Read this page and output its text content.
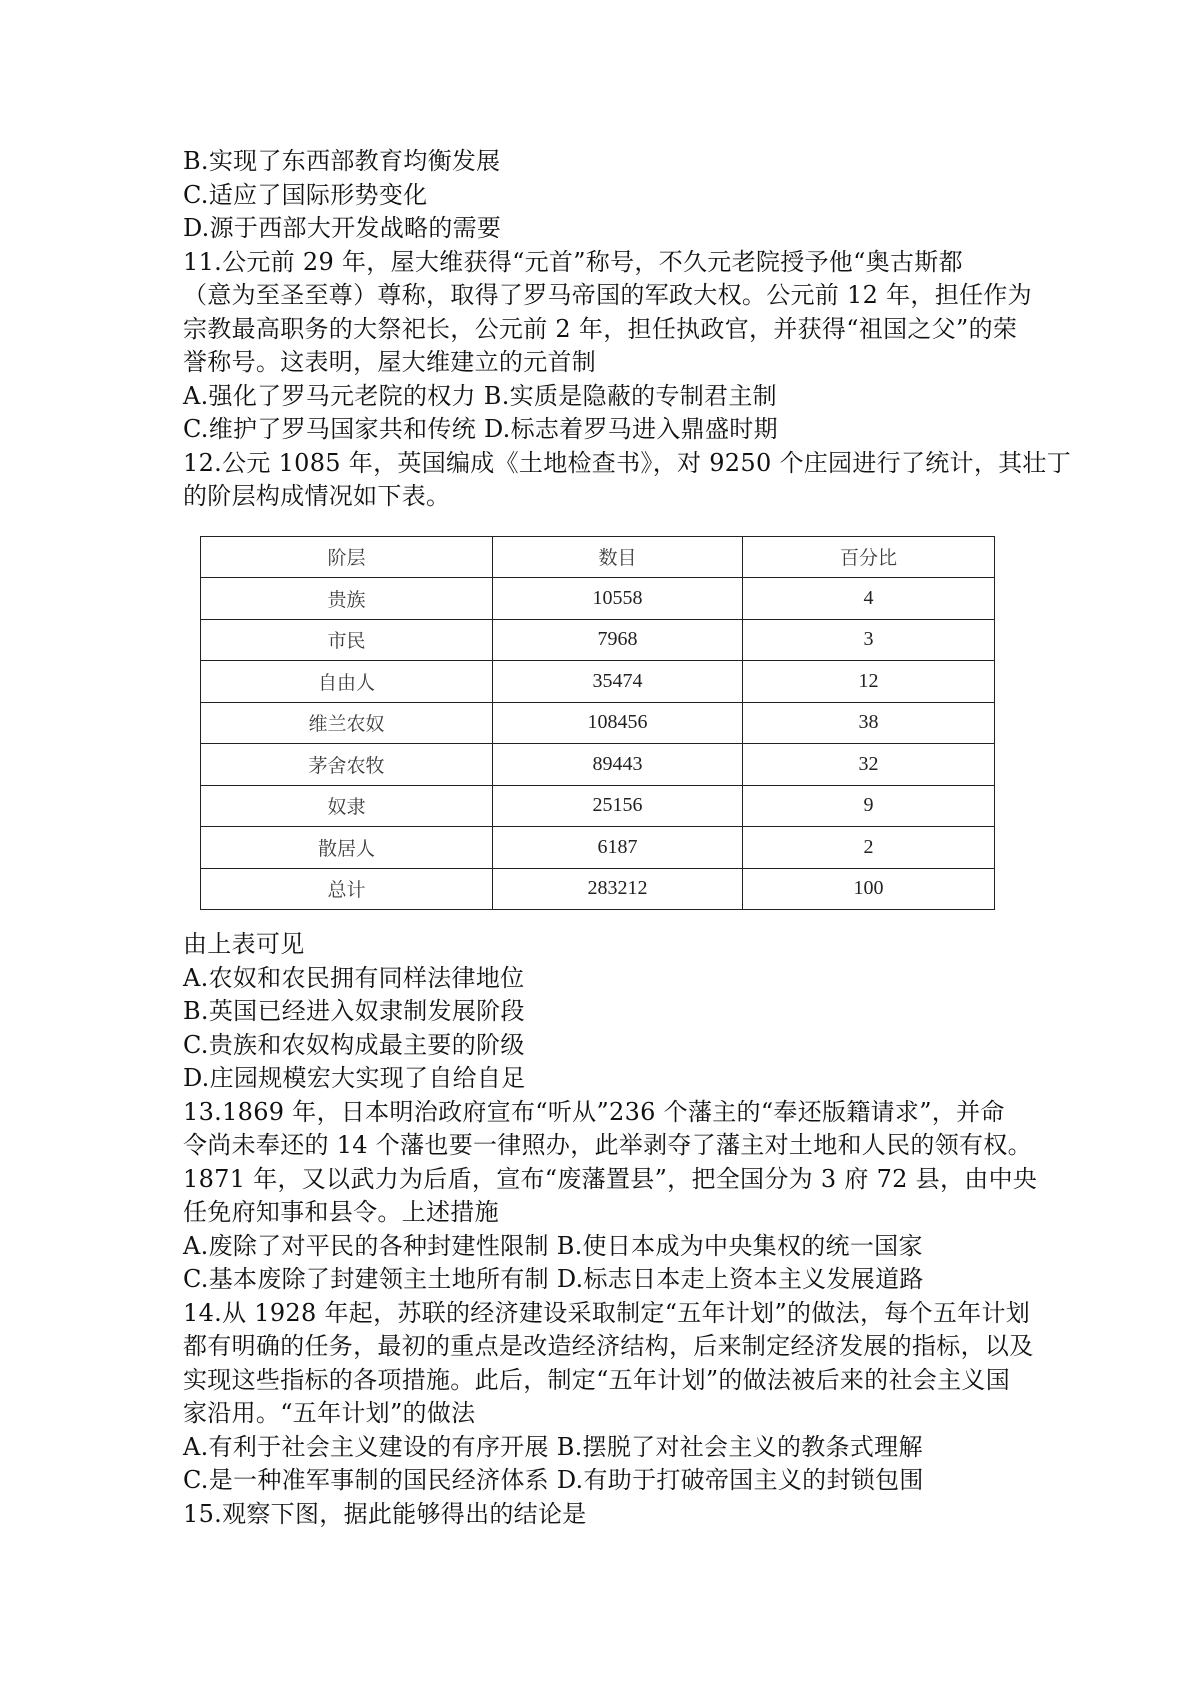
B.实现了东西部教育均衡发展
C.适应了国际形势变化
D.源于西部大开发战略的需要
11.公元前 29 年，屋大维获得“元首”称号，不久元老院授予他“奥古斯都
（意为至圣至尊）尊称，取得了罗马帝国的军政大权。公元前 12 年，担任作为
宗教最高职务的大祭祀长，公元前 2 年，担任执政官，并获得“祖国之父”的荣
誉称号。这表明，屋大维建立的元首制
A.强化了罗马元老院的权力 B.实质是隐蔽的专制君主制
C.维护了罗马国家共和传统 D.标志着罗马进入鼎盛时期
12.公元 1085 年，英国编成《土地检查书》，对 9250 个庄园进行了统计，其壮丁
的阶层构成情况如下表。
阶层	数目	百分比
贵族	10558	4
市民	7968	3
自由人	35474	12
维兰农奴	108456	38
茅舍农牧	89443	32
奴隶	25156	9
散居人	6187	2
总计	283212	100
由上表可见
A.农奴和农民拥有同样法律地位
B.英国已经进入奴隶制发展阶段
C.贵族和农奴构成最主要的阶级
D.庄园规模宏大实现了自给自足
13.1869 年，日本明治政府宣布“听从”236 个藩主的“奉还版籍请求”，并命
令尚未奉还的 14 个藩也要一律照办，此举剥夺了藩主对土地和人民的领有权。
1871 年，又以武力为后盾，宣布“废藩置县”，把全国分为 3 府 72 县，由中央
任免府知事和县令。上述措施
A.废除了对平民的各种封建性限制 B.使日本成为中央集权的统一国家
C.基本废除了封建领主土地所有制 D.标志日本走上资本主义发展道路
14.从 1928 年起，苏联的经济建设采取制定“五年计划”的做法，每个五年计划
都有明确的任务，最初的重点是改造经济结构，后来制定经济发展的指标，以及
实现这些指标的各项措施。此后，制定“五年计划”的做法被后来的社会主义国
家沿用。“五年计划”的做法
A.有利于社会主义建设的有序开展 B.摆脱了对社会主义的教条式理解
C.是一种准军事制的国民经济体系 D.有助于打破帝国主义的封锁包围
15.观察下图，据此能够得出的结论是
